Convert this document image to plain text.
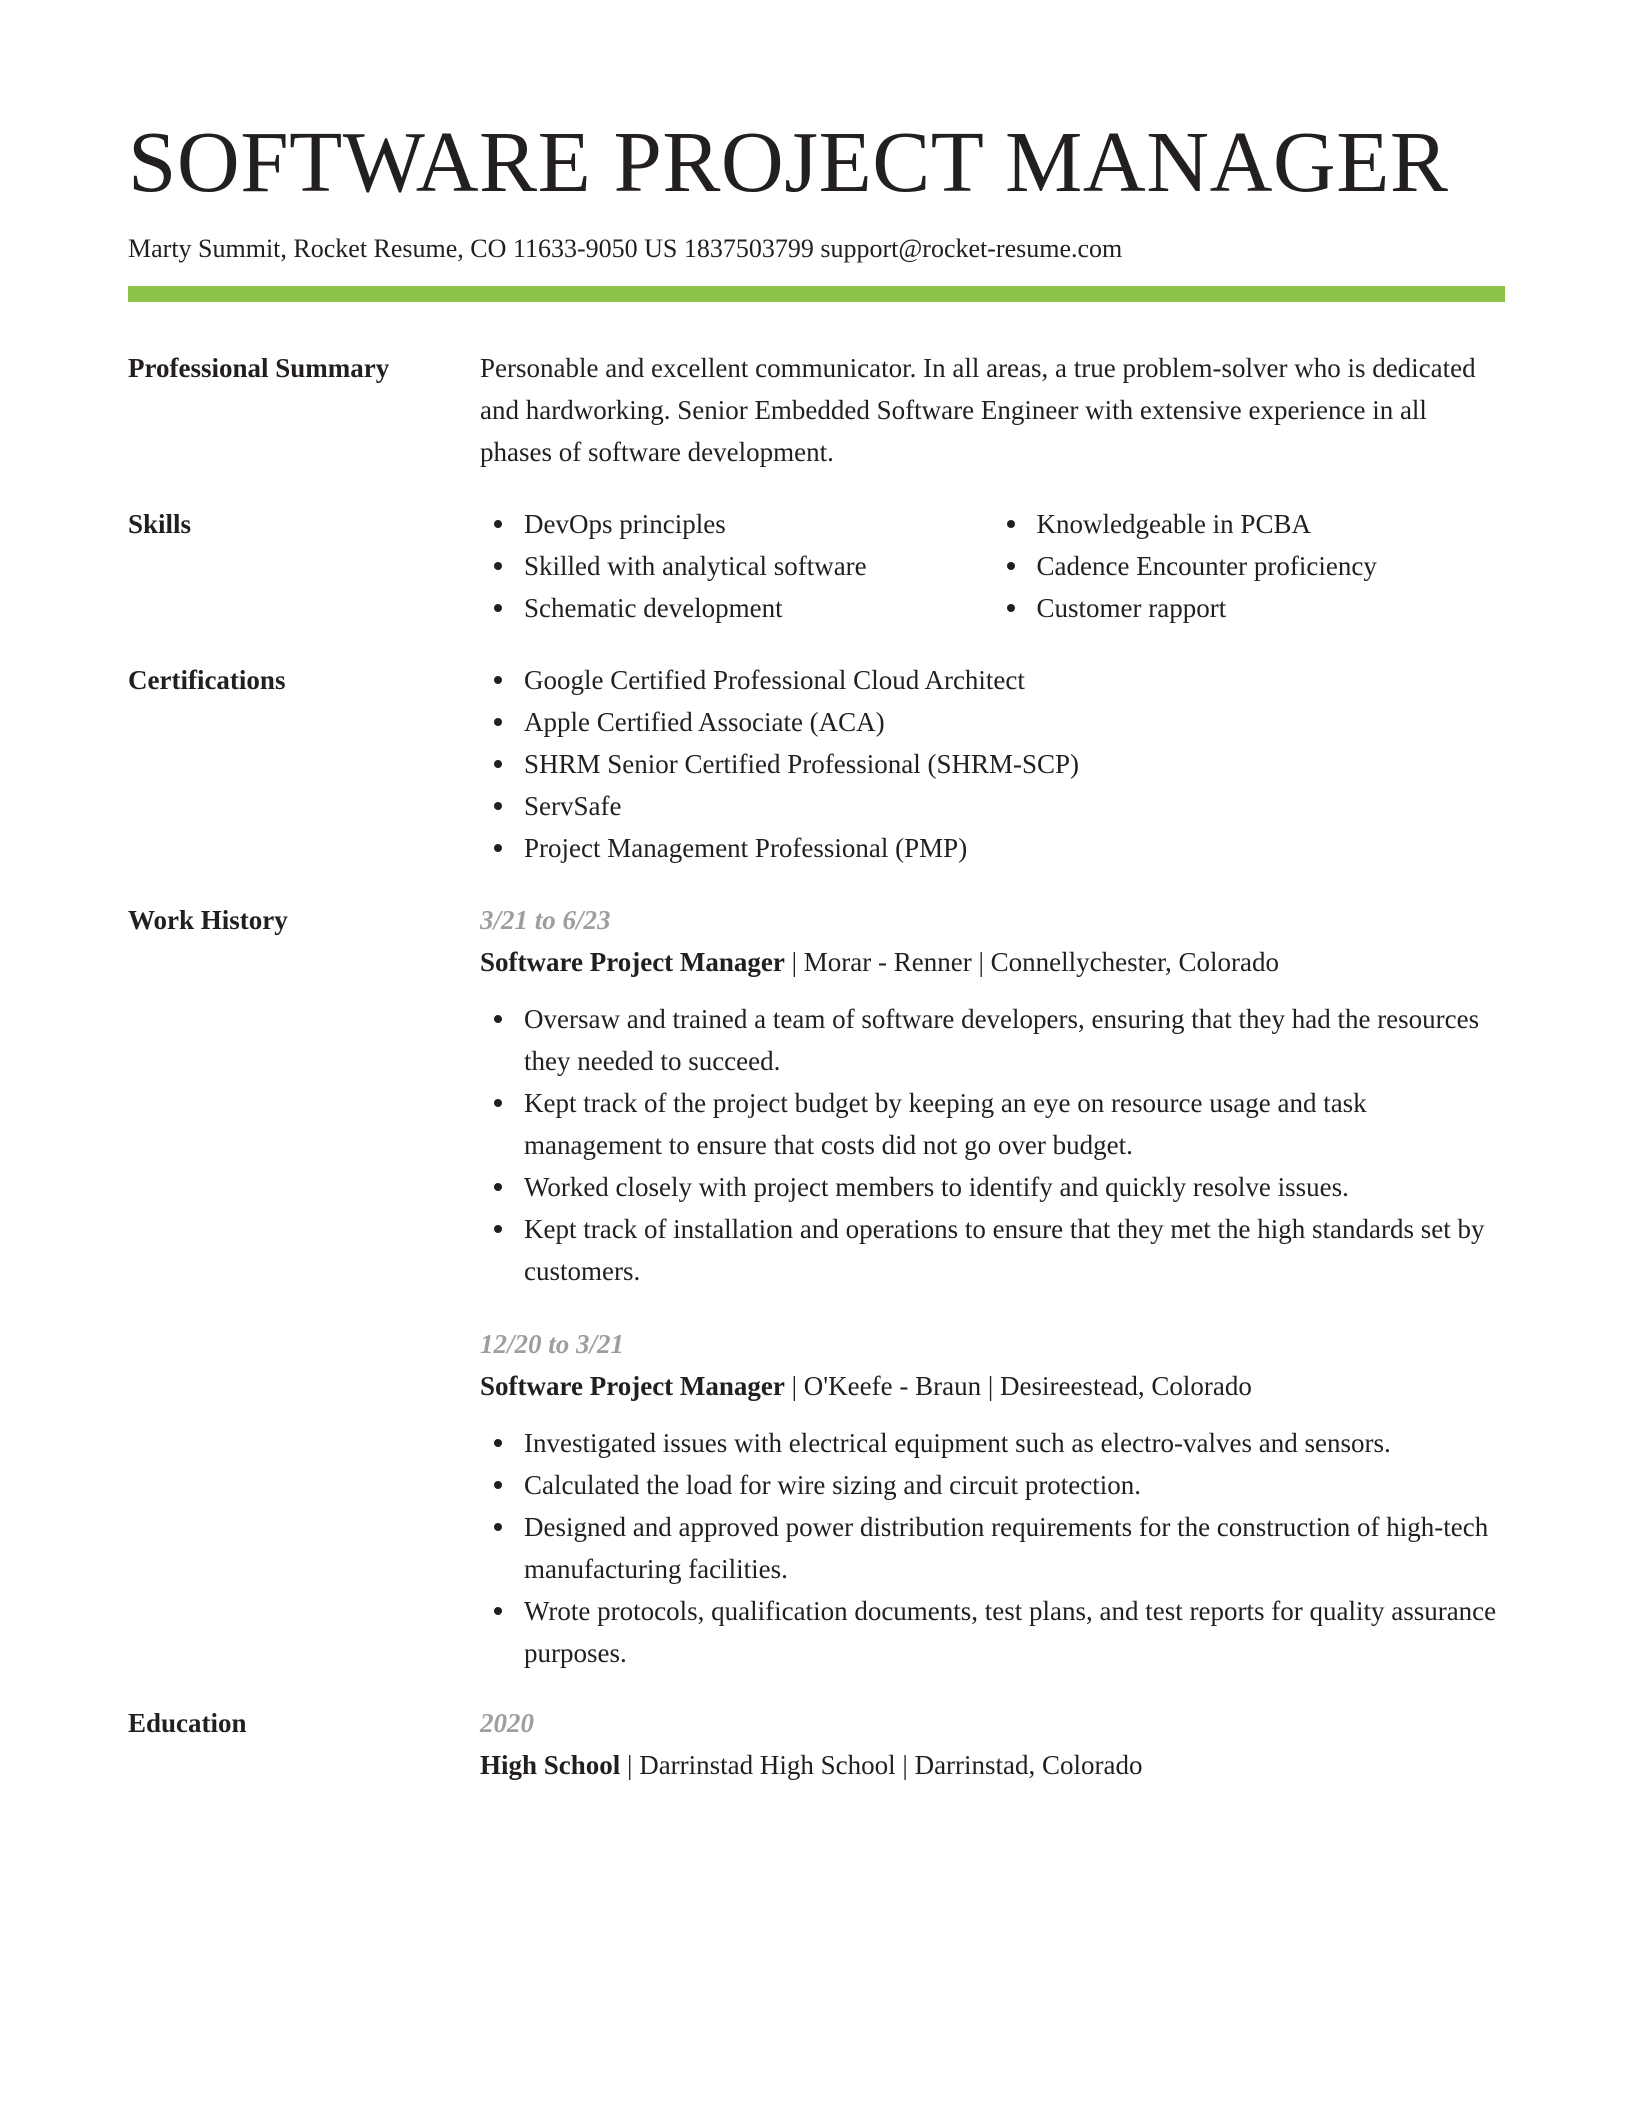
SOFTWARE PROJECT MANAGER
Marty Summit, Rocket Resume, CO 11633-9050 US 1837503799 support@rocket-resume.com
Professional Summary	Personable and excellent communicator. In all areas, a true problem-solver who is dedicated and hardworking. Senior Embedded Software Engineer with extensive experience in all phases of software development.

Skills	DevOps principles
Skilled with analytical software
Schematic development
Knowledgeable in PCBA
Cadence Encounter proficiency
Customer rapport
Certifications	Google Certified Professional Cloud Architect
Apple Certified Associate (ACA)
SHRM Senior Certified Professional (SHRM-SCP)
ServSafe
Project Management Professional (PMP)
Work History	3/21 to 6/23
Software Project Manager | Morar - Renner | Connellychester, Colorado
Oversaw and trained a team of software developers, ensuring that they had the resources they needed to succeed.
Kept track of the project budget by keeping an eye on resource usage and task management to ensure that costs did not go over budget.
Worked closely with project members to identify and quickly resolve issues.
Kept track of installation and operations to ensure that they met the high standards set by customers.
12/20 to 3/21
Software Project Manager | O'Keefe - Braun | Desireestead, Colorado
Investigated issues with electrical equipment such as electro-valves and sensors.
Calculated the load for wire sizing and circuit protection.
Designed and approved power distribution requirements for the construction of high-tech manufacturing facilities.
Wrote protocols, qualification documents, test plans, and test reports for quality assurance purposes.
Education	2020
High School | Darrinstad High School | Darrinstad, Colorado
